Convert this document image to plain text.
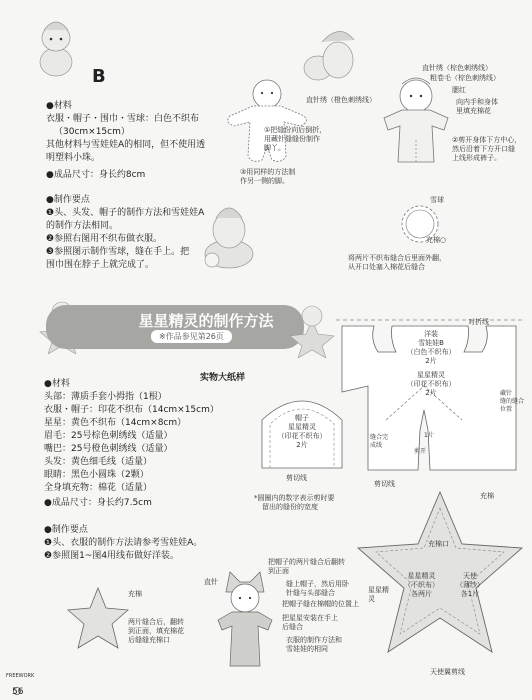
B
●材料
衣服・帽子・围巾・雪球：白色不织布
（30cm×15cm）
其他材料与雪娃娃A的相同，但不使用透
明塑料小珠。
●成品尺寸：身长约8cm
●制作要点
❶头、头发、帽子的制作方法和雪娃娃A
的制作方法相同。
❷参照右图用不织布做衣服。
❸参照图示制作雪球，缝在手上。把
围巾围在脖子上就完成了。
①把缝份向后倒折，
用藏针缝缝份制作
脚丫。
③用同样的方法制
作另一侧的脚。
直针绣（棕色刺绣线）
粗卷毛（棕色刺绣线）
腮红
向内手和身体
里填充棉花
直针绣（橙色刺绣线）
②剪开身体下方中心，
然后沿着下方开口缝
上线形成裤子。
雪球
充棉○
将两片不织布缝合后里面外翻，
从开口处塞入棉花后缝合
星星精灵的制作方法
※作品参见第26页
●材料
头部：薄质手套小拇指（1根）
衣服・帽子：印花不织布（14cm×15cm）
星星：黄色不织布（14cm×8cm）
眉毛：25号棕色刺绣线（适量）
嘴巴：25号橙色刺绣线（适量）
头发：黄色细毛线（适量）
眼睛：黑色小圆珠（2颗）
全身填充物：棉花（适量）
●成品尺寸：身长约7.5cm
●制作要点
❶头、衣服的制作方法请参考雪娃娃A。
❷参照图1~图4用线布做好洋装。
实物大纸样
帽子
星星精灵
（印花不织布）
2片
剪切线
对折线
洋装
雪娃娃B
（白色不织布）
2片
星星精灵
（印花不织布）
2片
缝合完成线
剪开
藏针
缝的缝合位置
1片
剪切线
充棉
*圆圈内的数字表示剪时要
留出的缝份的宽度
充棉口
星星精灵
（不织布）
各两片
天使
（薄纱）
各1片
星星精
灵
天使翼剪线
充棉
两片缝合后，翻转
到正面，填充棉花
后缝缝充棉口
直针
把帽子的两片缝合后翻转
到正面
缝上帽子，然后用卧
针缝与头部缝合
把帽子缝在棉帽的位置上
把星星安装在手上
后缝合
衣服的制作方法和
雪娃娃的相同
FREEWORK
56
